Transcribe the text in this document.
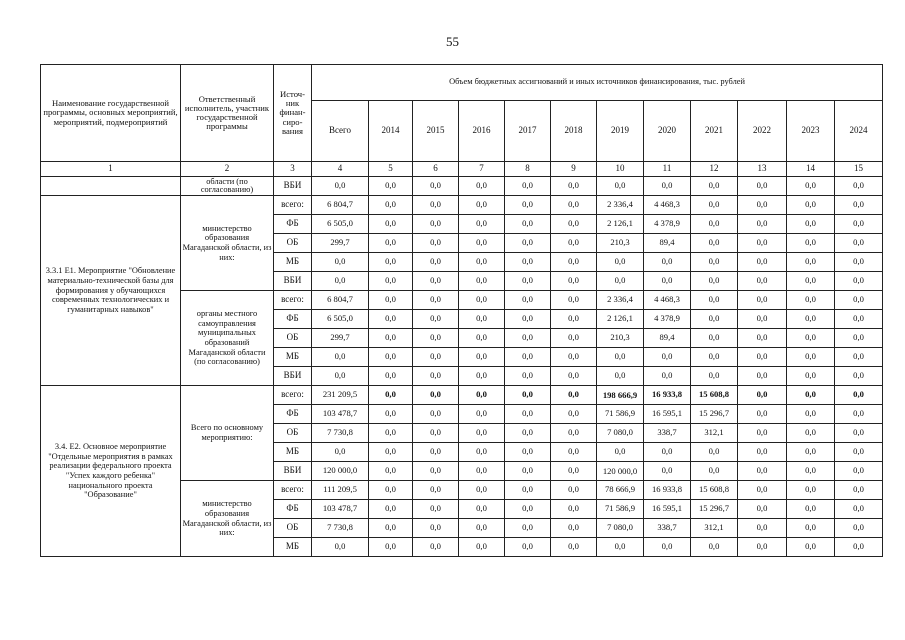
55
Наименование государственной программы, основных мероприятий, мероприятий, подмероприятий	Ответственный исполнитель, участник государственной программы	Источ-ник финан-сиро-вания	Объем бюджетных ассигнований и иных источников финансирования, тыс. рублей											
			Всего	2014	2015	2016	2017	2018	2019	2020	2021	2022	2023	2024
1	2	3	4	5	6	7	8	9	10	11	12	13	14	15
	области (по согласованию)	ВБИ	0,0	0,0	0,0	0,0	0,0	0,0	0,0	0,0	0,0	0,0	0,0	0,0
3.3.1 Е1. Мероприятие "Обновление материально-технической базы для формирования у обучающихся современных технологических и гуманитарных навыков"	министерство образования Магаданской области, из них:	всего:	6 804,7	0,0	0,0	0,0	0,0	0,0	2 336,4	4 468,3	0,0	0,0	0,0	0,0
		ФБ	6 505,0	0,0	0,0	0,0	0,0	0,0	2 126,1	4 378,9	0,0	0,0	0,0	0,0
		ОБ	299,7	0,0	0,0	0,0	0,0	0,0	210,3	89,4	0,0	0,0	0,0	0,0
		МБ	0,0	0,0	0,0	0,0	0,0	0,0	0,0	0,0	0,0	0,0	0,0	0,0
		ВБИ	0,0	0,0	0,0	0,0	0,0	0,0	0,0	0,0	0,0	0,0	0,0	0,0
	органы местного самоуправления муниципальных образований Магаданской области (по согласованию)	всего:	6 804,7	0,0	0,0	0,0	0,0	0,0	2 336,4	4 468,3	0,0	0,0	0,0	0,0
		ФБ	6 505,0	0,0	0,0	0,0	0,0	0,0	2 126,1	4 378,9	0,0	0,0	0,0	0,0
		ОБ	299,7	0,0	0,0	0,0	0,0	0,0	210,3	89,4	0,0	0,0	0,0	0,0
		МБ	0,0	0,0	0,0	0,0	0,0	0,0	0,0	0,0	0,0	0,0	0,0	0,0
		ВБИ	0,0	0,0	0,0	0,0	0,0	0,0	0,0	0,0	0,0	0,0	0,0	0,0
3.4. Е2. Основное мероприятие "Отдельные мероприятия в рамках реализации федерального проекта "Успех каждого ребенка" национального проекта "Образование"	Всего по основному мероприятию:	всего:	231 209,5	0,0	0,0	0,0	0,0	0,0	198 666,9	16 933,8	15 608,8	0,0	0,0	0,0
		ФБ	103 478,7	0,0	0,0	0,0	0,0	0,0	71 586,9	16 595,1	15 296,7	0,0	0,0	0,0
		ОБ	7 730,8	0,0	0,0	0,0	0,0	0,0	7 080,0	338,7	312,1	0,0	0,0	0,0
		МБ	0,0	0,0	0,0	0,0	0,0	0,0	0,0	0,0	0,0	0,0	0,0	0,0
		ВБИ	120 000,0	0,0	0,0	0,0	0,0	0,0	120 000,0	0,0	0,0	0,0	0,0	0,0
	министерство образования Магаданской области, из них:	всего:	111 209,5	0,0	0,0	0,0	0,0	0,0	78 666,9	16 933,8	15 608,8	0,0	0,0	0,0
		ФБ	103 478,7	0,0	0,0	0,0	0,0	0,0	71 586,9	16 595,1	15 296,7	0,0	0,0	0,0
		ОБ	7 730,8	0,0	0,0	0,0	0,0	0,0	7 080,0	338,7	312,1	0,0	0,0	0,0
		МБ	0,0	0,0	0,0	0,0	0,0	0,0	0,0	0,0	0,0	0,0	0,0	0,0
